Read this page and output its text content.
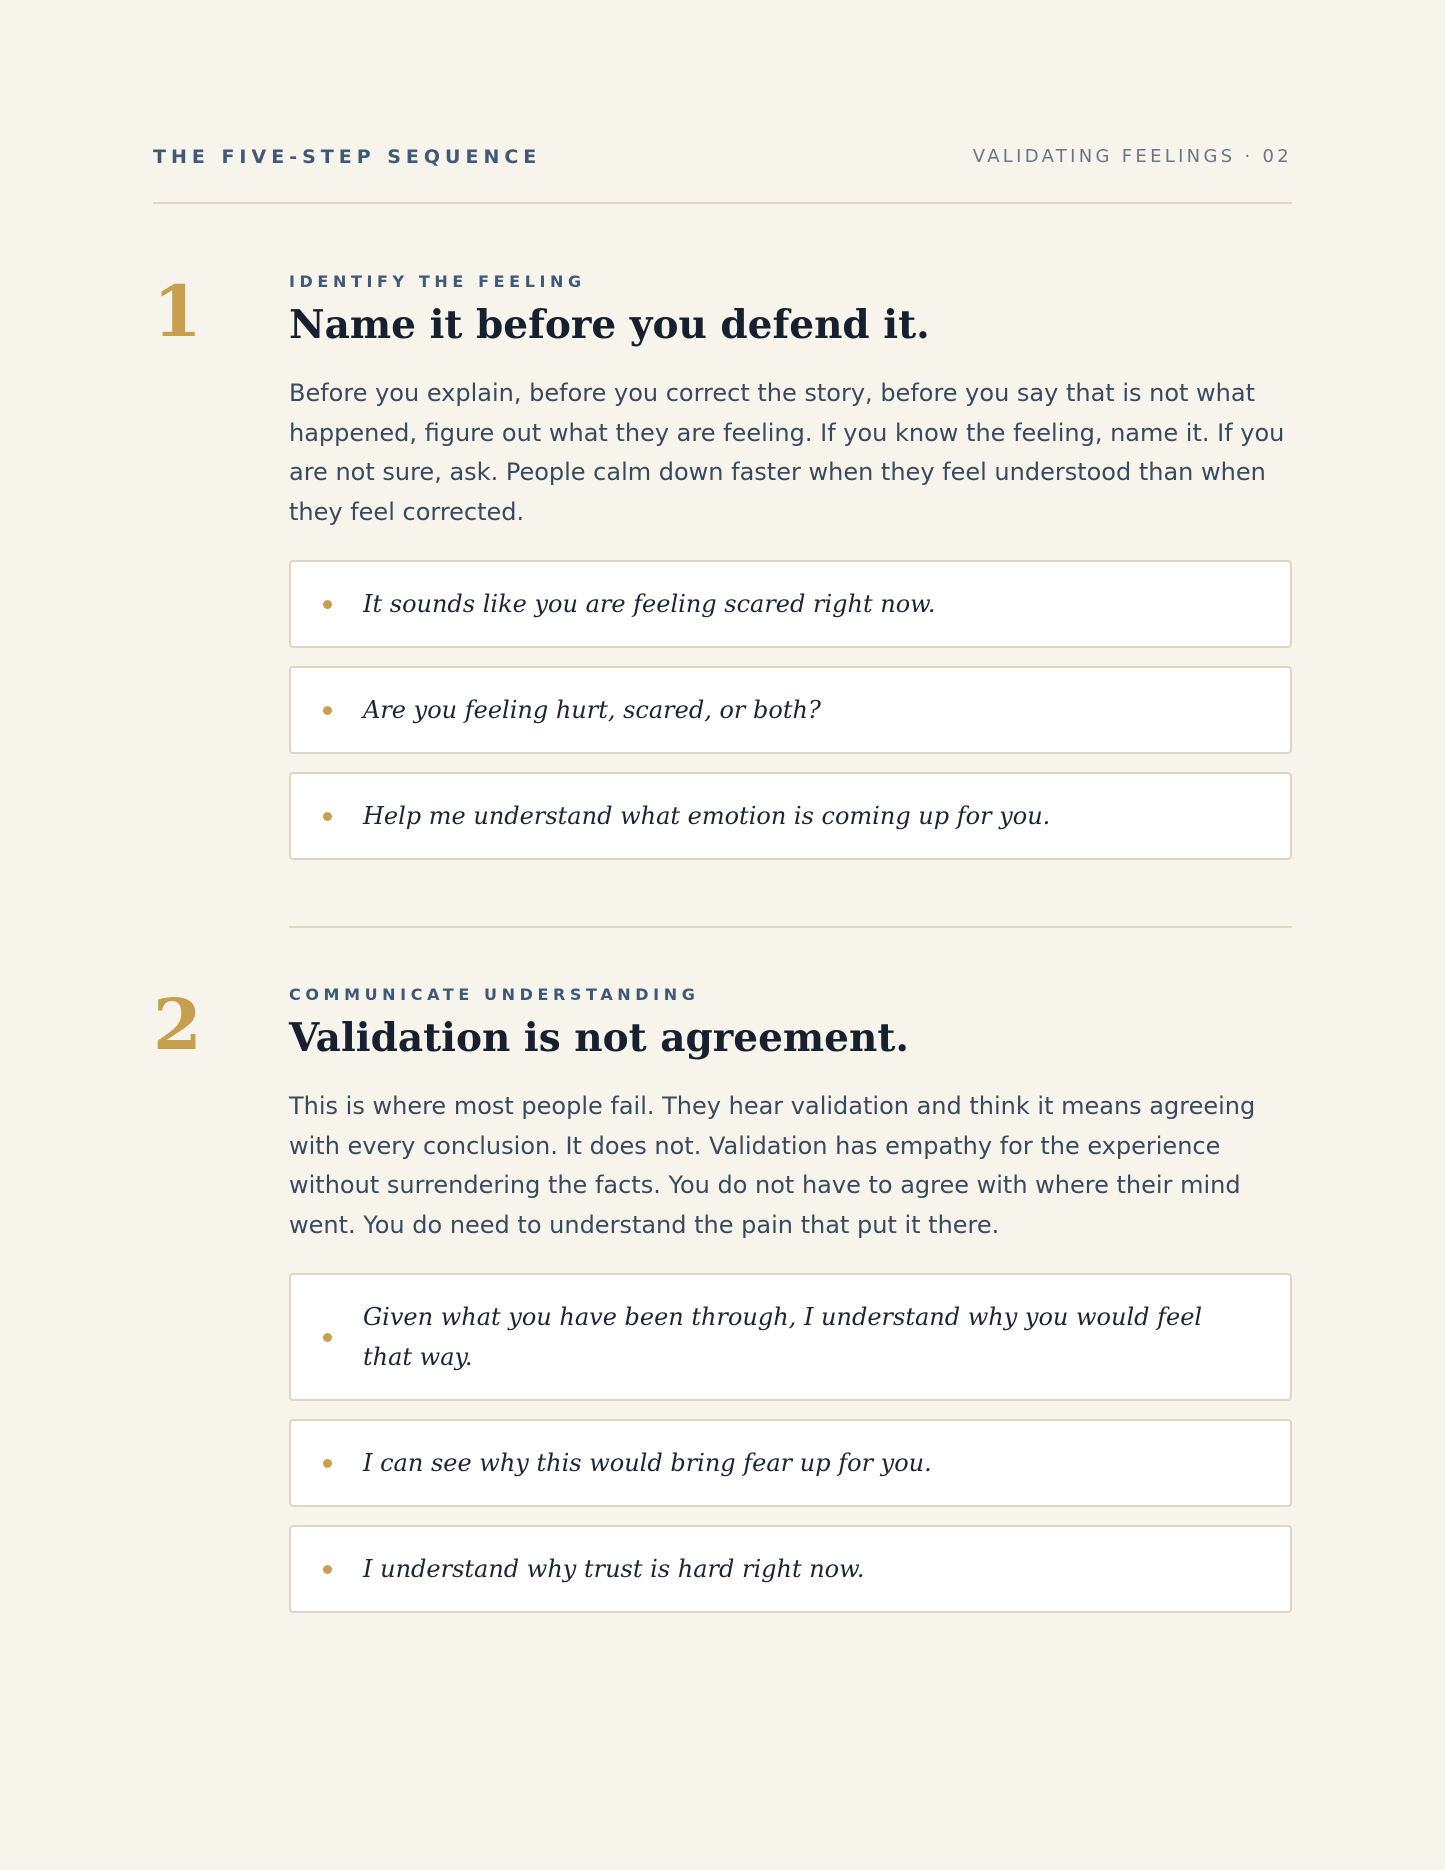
THE FIVE-STEP SEQUENCE	VALIDATING FEELINGS · 02
1	IDENTIFY THE FEELING
Name it before you defend it.
Before you explain, before you correct the story, before you say that is not what happened, figure out what they are feeling. If you know the feeling, name it. If you are not sure, ask. People calm down faster when they feel understood than when they feel corrected.
It sounds like you are feeling scared right now.
Are you feeling hurt, scared, or both?
Help me understand what emotion is coming up for you.
2	COMMUNICATE UNDERSTANDING
Validation is not agreement.
This is where most people fail. They hear validation and think it means agreeing with every conclusion. It does not. Validation has empathy for the experience without surrendering the facts. You do not have to agree with where their mind went. You do need to understand the pain that put it there.
Given what you have been through, I understand why you would feel that way.
I can see why this would bring fear up for you.
I understand why trust is hard right now.
